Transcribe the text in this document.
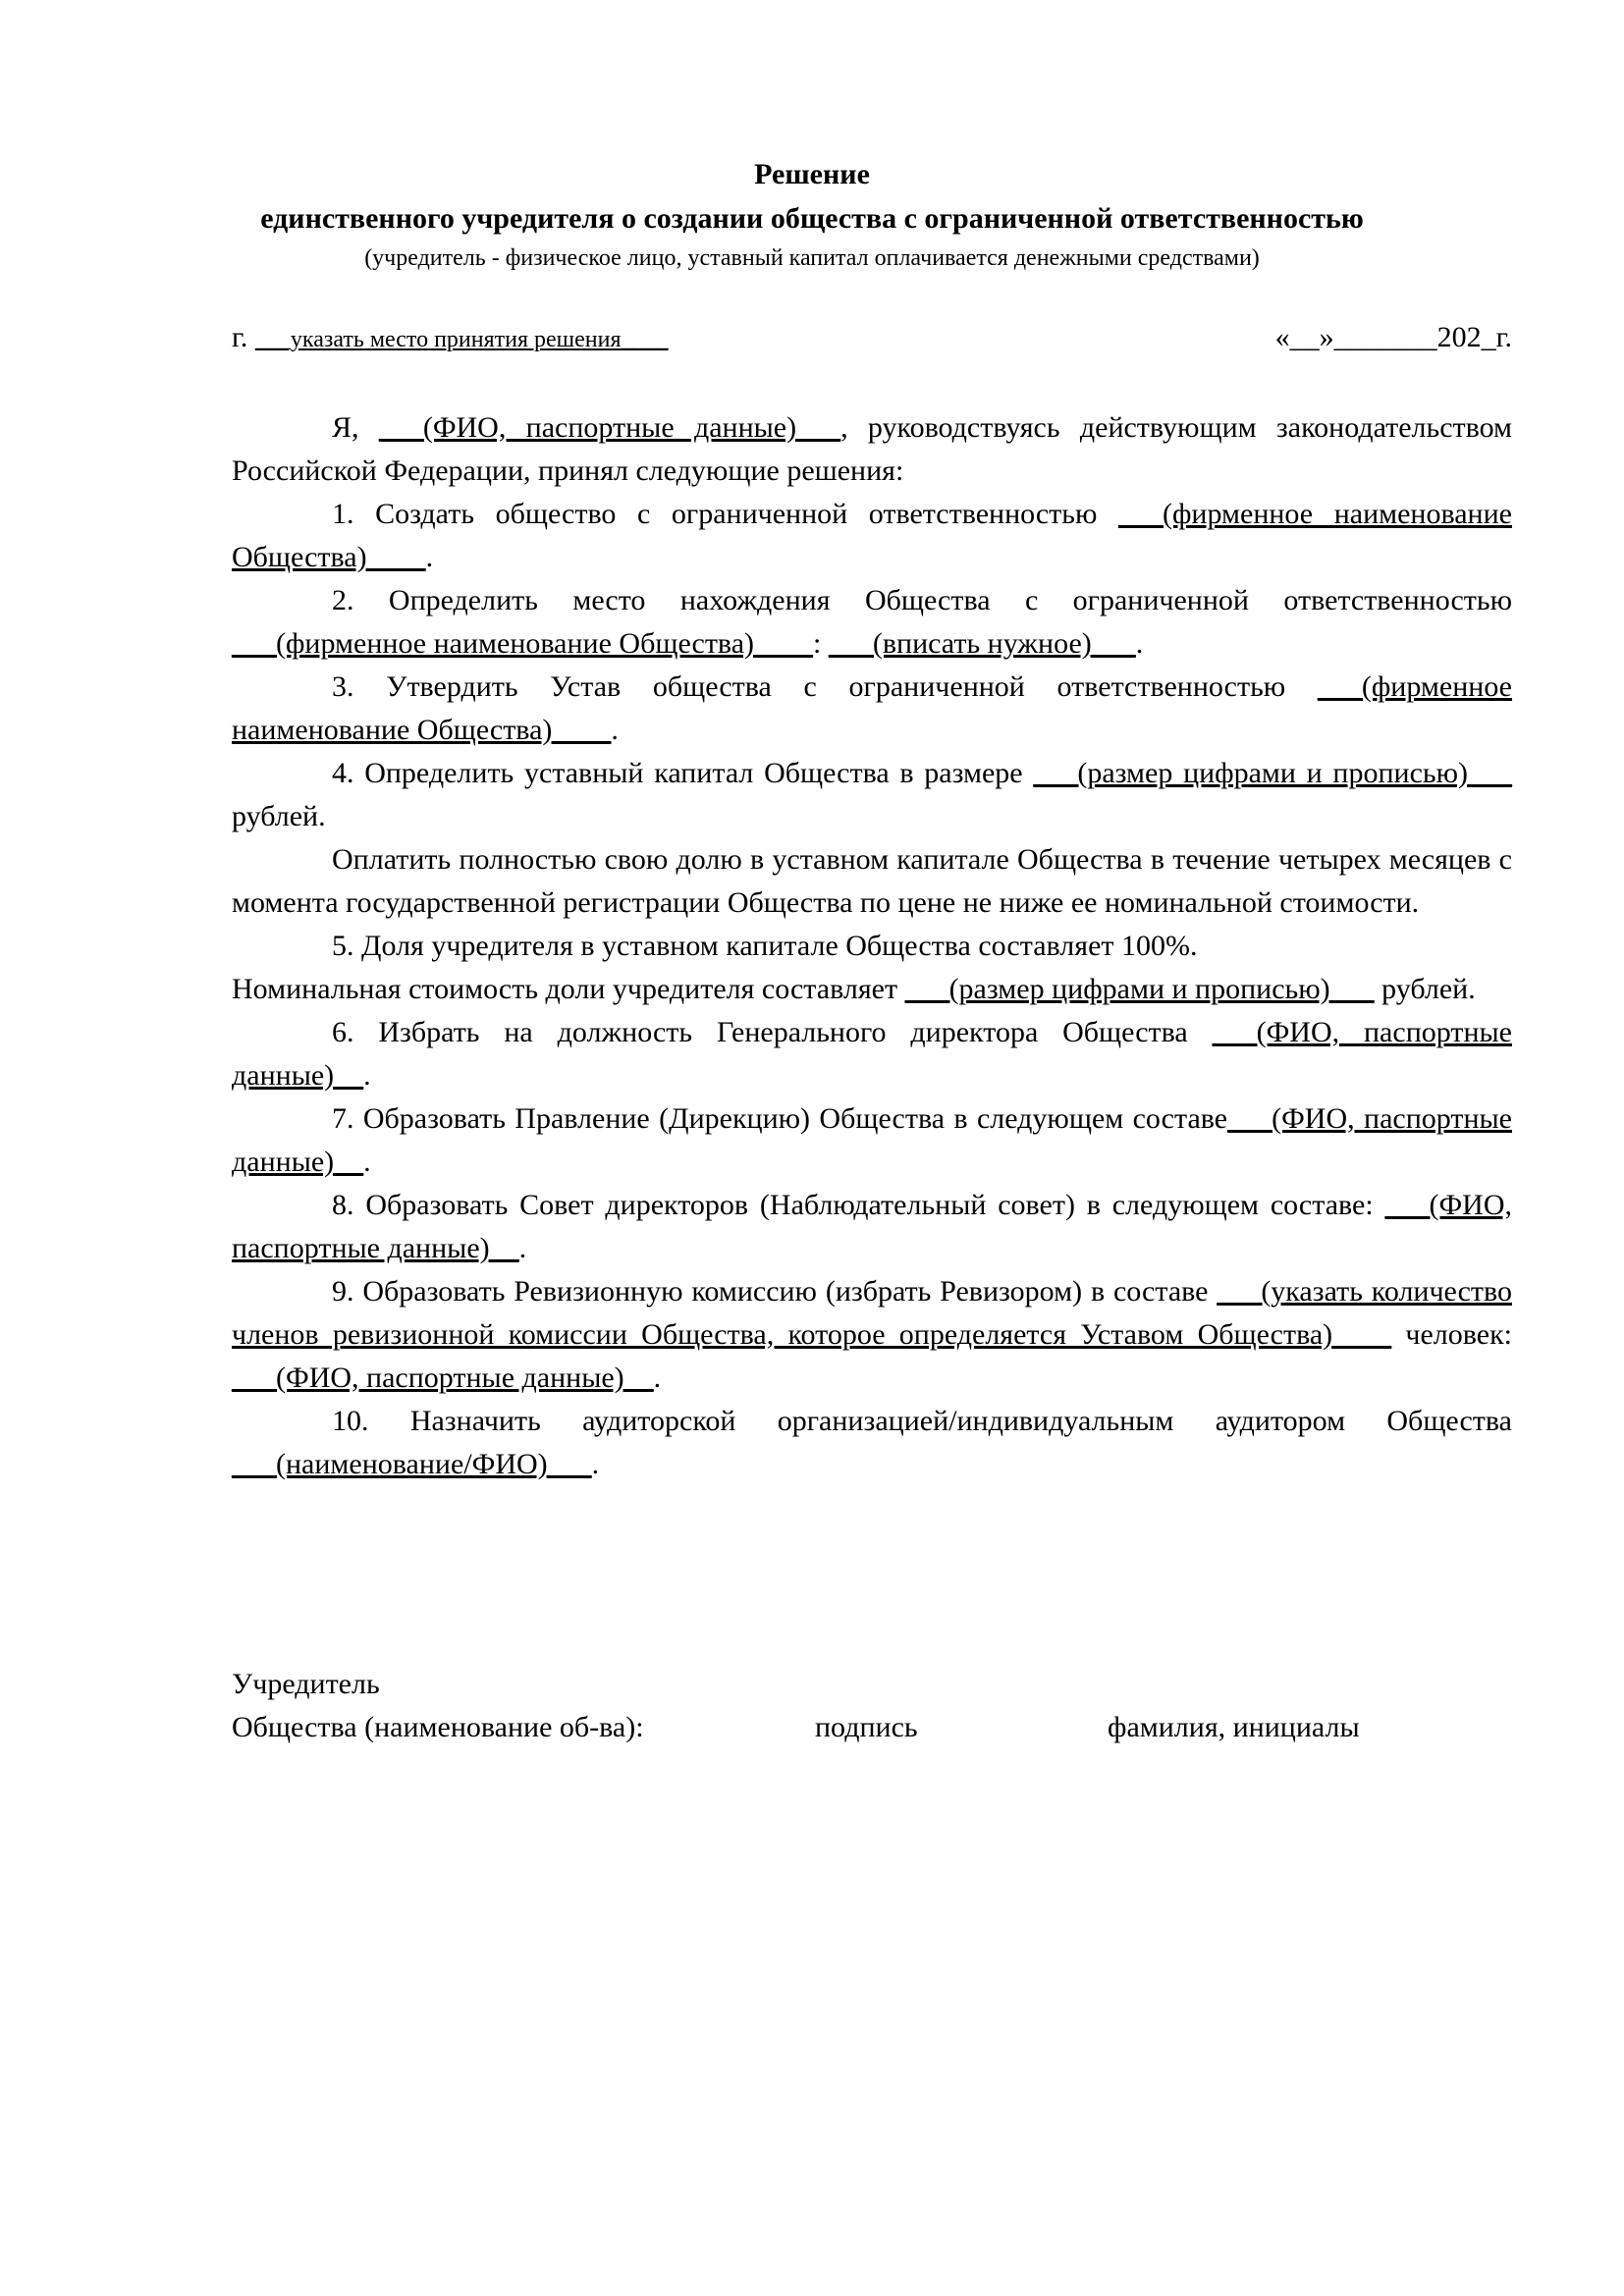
Решение
единственного учредителя о создании общества с ограниченной ответственностью
(учредитель - физическое лицо, уставный капитал оплачивается денежными средствами)
г. ___указать место принятия решения____	«__»_______202_г.

Я, ___(ФИО, паспортные данные)___, руководствуясь действующим законодательством Российской Федерации, принял следующие решения:

1. Создать общество с ограниченной ответственностью ___(фирменное наименование Общества)____.

2. Определить место нахождения Общества с ограниченной ответственностью ___(фирменное наименование Общества)____: ___(вписать нужное)___.

3. Утвердить Устав общества с ограниченной ответственностью ___(фирменное наименование Общества)____.

4. Определить уставный капитал Общества в размере ___(размер цифрами и прописью)___ рублей.

Оплатить полностью свою долю в уставном капитале Общества в течение четырех месяцев с момента государственной регистрации Общества по цене не ниже ее номинальной стоимости.

5. Доля учредителя в уставном капитале Общества составляет 100%.

Номинальная стоимость доли учредителя составляет ___(размер цифрами и прописью)___ рублей.

6. Избрать на должность Генерального директора Общества ___(ФИО, паспортные данные)__.

7. Образовать Правление (Дирекцию) Общества в следующем составе___(ФИО, паспортные данные)__.

8. Образовать Совет директоров (Наблюдательный совет) в следующем составе: ___(ФИО, паспортные данные)__.

9. Образовать Ревизионную комиссию (избрать Ревизором) в составе ___(указать количество членов ревизионной комиссии Общества, которое определяется Уставом Общества)____ человек: ___(ФИО, паспортные данные)__.

10. Назначить аудиторской организацией/индивидуальным аудитором Общества ___(наименование/ФИО)___.

Учредитель
Общества (наименование об-ва):	подпись	фамилия, инициалы
